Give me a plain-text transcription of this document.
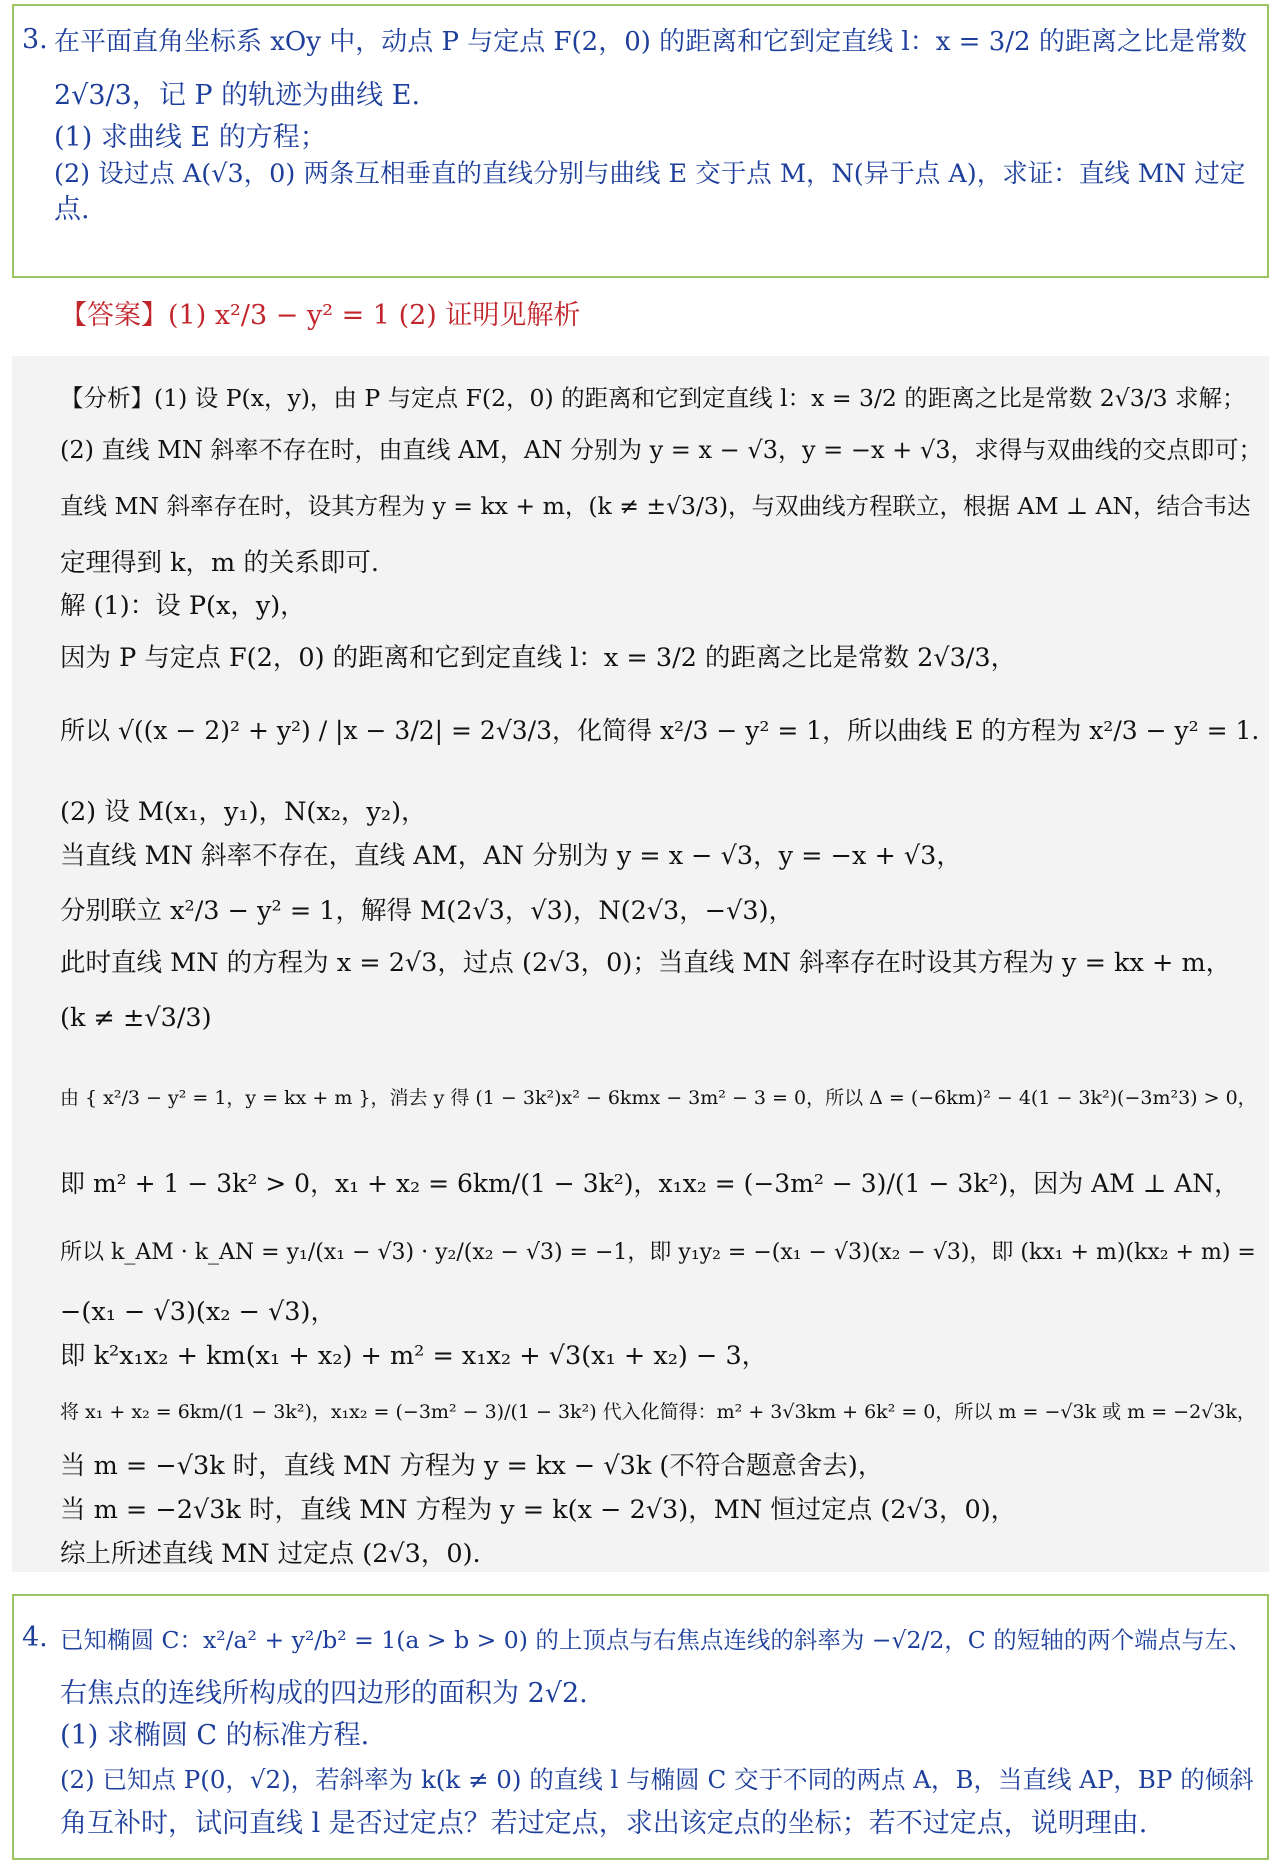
3. 在平面直角坐标系 xOy 中，动点 P 与定点 F(2，0) 的距离和它到定直线 l：x = 3/2 的距离之比是常数
2√3/3，记 P 的轨迹为曲线 E.
(1) 求曲线 E 的方程；
(2) 设过点 A(√3，0) 两条互相垂直的直线分别与曲线 E 交于点 M，N(异于点 A)，求证：直线 MN 过定
点.
【答案】(1) x²/3 − y² = 1 (2) 证明见解析
【分析】(1) 设 P(x，y)，由 P 与定点 F(2，0) 的距离和它到定直线 l：x = 3/2 的距离之比是常数 2√3/3 求解；
(2) 直线 MN 斜率不存在时，由直线 AM，AN 分别为 y = x − √3，y = −x + √3，求得与双曲线的交点即可；
直线 MN 斜率存在时，设其方程为 y = kx + m，(k ≠ ±√3/3)，与双曲线方程联立，根据 AM ⊥ AN，结合韦达
定理得到 k，m 的关系即可.
解 (1)：设 P(x，y)，
因为 P 与定点 F(2，0) 的距离和它到定直线 l：x = 3/2 的距离之比是常数 2√3/3，
所以 √((x − 2)² + y²) / |x − 3/2| = 2√3/3，化简得 x²/3 − y² = 1，所以曲线 E 的方程为 x²/3 − y² = 1.
(2) 设 M(x₁，y₁)，N(x₂，y₂)，
当直线 MN 斜率不存在，直线 AM，AN 分别为 y = x − √3，y = −x + √3，
分别联立 x²/3 − y² = 1，解得 M(2√3，√3)，N(2√3，−√3)，
此时直线 MN 的方程为 x = 2√3，过点 (2√3，0)；当直线 MN 斜率存在时设其方程为 y = kx + m，
(k ≠ ±√3/3)
由 { x²/3 − y² = 1，y = kx + m }，消去 y 得 (1 − 3k²)x² − 6kmx − 3m² − 3 = 0，所以 Δ = (−6km)² − 4(1 − 3k²)(−3m²3) > 0，
即 m² + 1 − 3k² > 0，x₁ + x₂ = 6km/(1 − 3k²)，x₁x₂ = (−3m² − 3)/(1 − 3k²)，因为 AM ⊥ AN，
所以 k_AM · k_AN = y₁/(x₁ − √3) · y₂/(x₂ − √3) = −1，即 y₁y₂ = −(x₁ − √3)(x₂ − √3)，即 (kx₁ + m)(kx₂ + m) =
−(x₁ − √3)(x₂ − √3)，
即 k²x₁x₂ + km(x₁ + x₂) + m² = x₁x₂ + √3(x₁ + x₂) − 3，
将 x₁ + x₂ = 6km/(1 − 3k²)，x₁x₂ = (−3m² − 3)/(1 − 3k²) 代入化简得：m² + 3√3km + 6k² = 0，所以 m = −√3k 或 m = −2√3k，
当 m = −√3k 时，直线 MN 方程为 y = kx − √3k (不符合题意舍去)，
当 m = −2√3k 时，直线 MN 方程为 y = k(x − 2√3)，MN 恒过定点 (2√3，0)，
综上所述直线 MN 过定点 (2√3，0).
4. 已知椭圆 C：x²/a² + y²/b² = 1(a > b > 0) 的上顶点与右焦点连线的斜率为 −√2/2，C 的短轴的两个端点与左、
右焦点的连线所构成的四边形的面积为 2√2.
(1) 求椭圆 C 的标准方程.
(2) 已知点 P(0，√2)，若斜率为 k(k ≠ 0) 的直线 l 与椭圆 C 交于不同的两点 A，B，当直线 AP，BP 的倾斜
角互补时，试问直线 l 是否过定点？若过定点，求出该定点的坐标；若不过定点，说明理由.
